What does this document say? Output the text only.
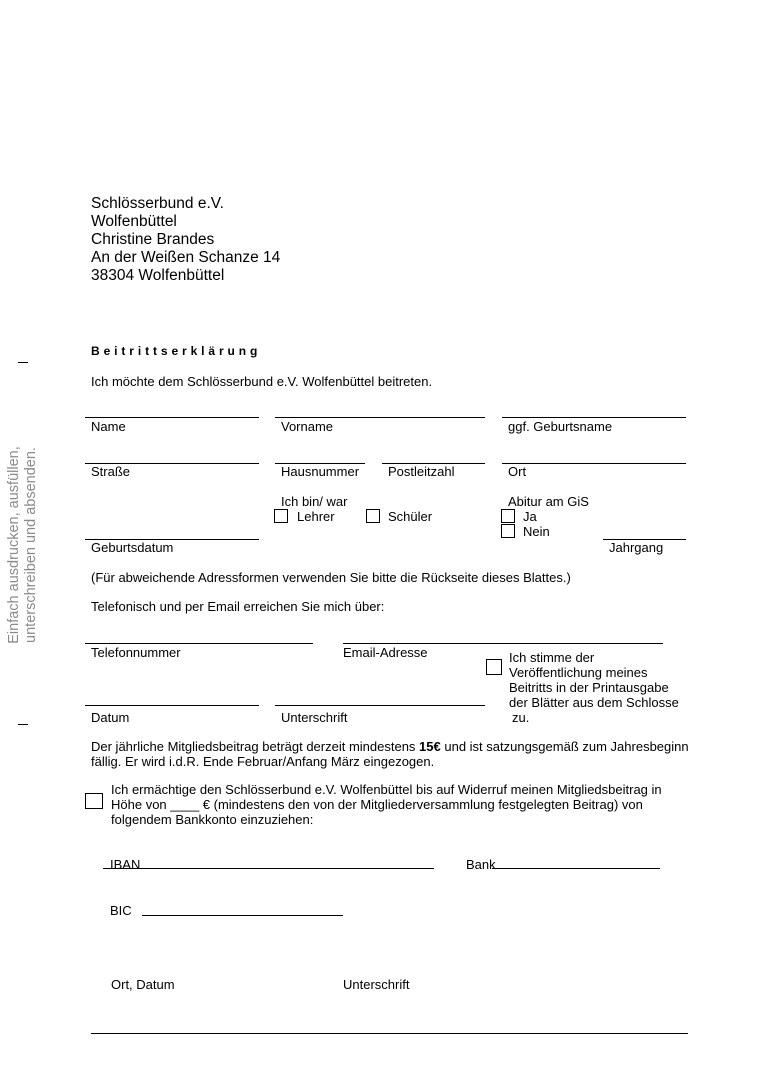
Einfach ausdrucken, ausfüllen, unterschreiben und absenden.
Schlösserbund e.V.
Wolfenbüttel
Christine Brandes
An der Weißen Schanze 14
38304 Wolfenbüttel
Beitrittserklärung
Ich möchte dem Schlösserbund e.V. Wolfenbüttel beitreten.
Name	Vorname	ggf. Geburtsname
Straße	Hausnummer Postleitzahl	Ort
Ich bin/ war
Lehrer	Schüler
Abitur am GiS
Ja
Nein
Geburtsdatum	Jahrgang
(Für abweichende Adressformen verwenden Sie bitte die Rückseite dieses Blattes.)
Telefonisch und per Email erreichen Sie mich über:
Telefonnummer	Email-Adresse	Ich stimme der
Veröffentlichung meines
Beitritts in der Printausgabe
der Blätter aus dem Schlosse
zu.
Datum	Unterschrift
Der jährliche Mitgliedsbeitrag beträgt derzeit mindestens 15€ und ist satzungsgemäß zum Jahresbeginn
fällig. Er wird i.d.R. Ende Februar/Anfang März eingezogen.
Ich ermächtige den Schlösserbund e.V. Wolfenbüttel bis auf Widerruf meinen Mitgliedsbeitrag in
Höhe von ____ € (mindestens den von der Mitgliederversammlung festgelegten Beitrag) von
folgendem Bankkonto einzuziehen:
IBAN	Bank
BIC
Ort, Datum	Unterschrift
